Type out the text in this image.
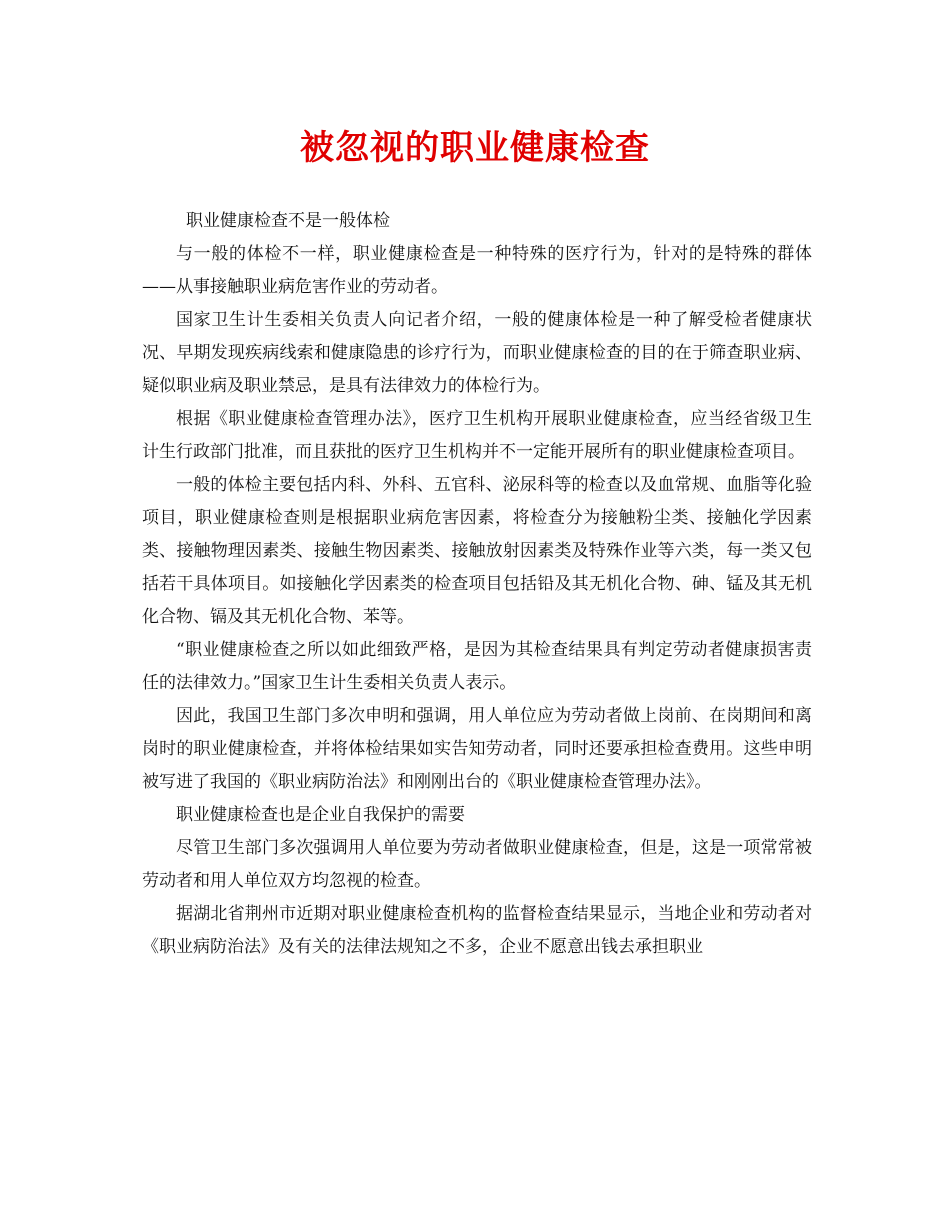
被忽视的职业健康检查

职业健康检查不是一般体检

与一般的体检不一样，职业健康检查是一种特殊的医疗行为，针对的是特殊的群体——从事接触职业病危害作业的劳动者。

国家卫生计生委相关负责人向记者介绍，一般的健康体检是一种了解受检者健康状况、早期发现疾病线索和健康隐患的诊疗行为，而职业健康检查的目的在于筛查职业病、疑似职业病及职业禁忌，是具有法律效力的体检行为。

根据《职业健康检查管理办法》，医疗卫生机构开展职业健康检查，应当经省级卫生计生行政部门批准，而且获批的医疗卫生机构并不一定能开展所有的职业健康检查项目。

一般的体检主要包括内科、外科、五官科、泌尿科等的检查以及血常规、血脂等化验项目，职业健康检查则是根据职业病危害因素，将检查分为接触粉尘类、接触化学因素类、接触物理因素类、接触生物因素类、接触放射因素类及特殊作业等六类，每一类又包括若干具体项目。如接触化学因素类的检查项目包括铅及其无机化合物、砷、锰及其无机化合物、镉及其无机化合物、苯等。

“职业健康检查之所以如此细致严格，是因为其检查结果具有判定劳动者健康损害责任的法律效力。”国家卫生计生委相关负责人表示。

因此，我国卫生部门多次申明和强调，用人单位应为劳动者做上岗前、在岗期间和离岗时的职业健康检查，并将体检结果如实告知劳动者，同时还要承担检查费用。这些申明被写进了我国的《职业病防治法》和刚刚出台的《职业健康检查管理办法》。

职业健康检查也是企业自我保护的需要

尽管卫生部门多次强调用人单位要为劳动者做职业健康检查，但是，这是一项常常被劳动者和用人单位双方均忽视的检查。

据湖北省荆州市近期对职业健康检查机构的监督检查结果显示，当地企业和劳动者对《职业病防治法》及有关的法律法规知之不多，企业不愿意出钱去承担职业
